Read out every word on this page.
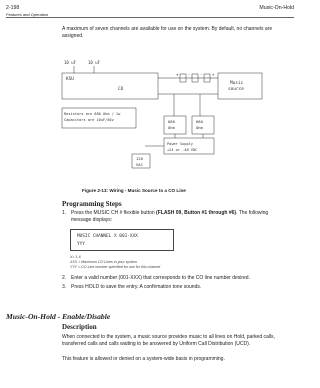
2-198	Music-On-Hold
Features and Operation
A maximum of seven channels are available for use on the system. By default, no channels are assigned.
10 uF	10 uF
KSU
CO
+ - - +
Music
source
Resistors are 680 Ohm / 1w
Capacitors are 10uF/50v	680
Ohm
680
Ohm
Power Supply
+24 or -48 VDC
120
VAC
Figure 2-13: Wiring - Music Source to a CO Line
Programming Steps
1. Press the MUSIC CH # flexible button (FLASH 09, Button #1 through #6). The following message displays:
MUSIC CHANNEL X 001-XXX
YYY
X= 1-6
XXX = Maximum CO Lines in your system
YYY = CO Line number specified for use for this channel
2. Enter a valid number (001-XXX) that corresponds to the CO line number desired.
3. Press HOLD to save the entry. A confirmation tone sounds.
Music-On-Hold - Enable/Disable
Description
When connected to the system, a music source provides music to all lines on Hold, parked calls, transferred calls and calls waiting to be answered by Uniform Call Distribution (UCD).
This feature is allowed or denied on a system-wide basis in programming.
